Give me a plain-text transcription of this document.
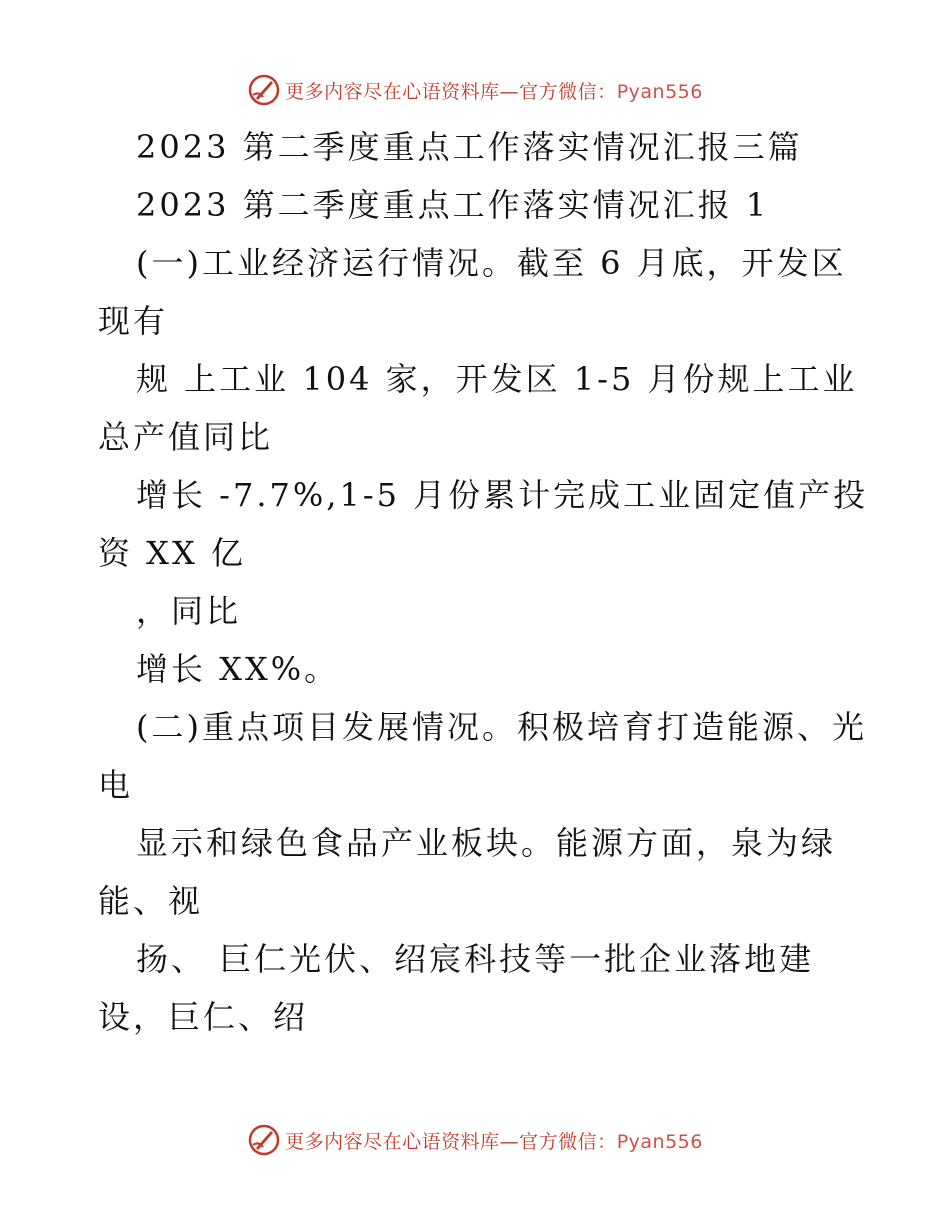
更多内容尽在心语资料库—官方微信：Pyan556
2023 第二季度重点工作落实情况汇报三篇
2023 第二季度重点工作落实情况汇报 1
(一)工业经济运行情况。截至 6 月底，开发区
现有
规 上工业 104 家，开发区 1-5 月份规上工业
总产值同比
增长 -7.7%,1-5 月份累计完成工业固定值产投
资 XX 亿
，同比
增长 XX%。
(二)重点项目发展情况。积极培育打造能源、光
电
显示和绿色食品产业板块。能源方面，泉为绿
能、视
扬、 巨仁光伏、绍宸科技等一批企业落地建
设，巨仁、绍
更多内容尽在心语资料库—官方微信：Pyan556
